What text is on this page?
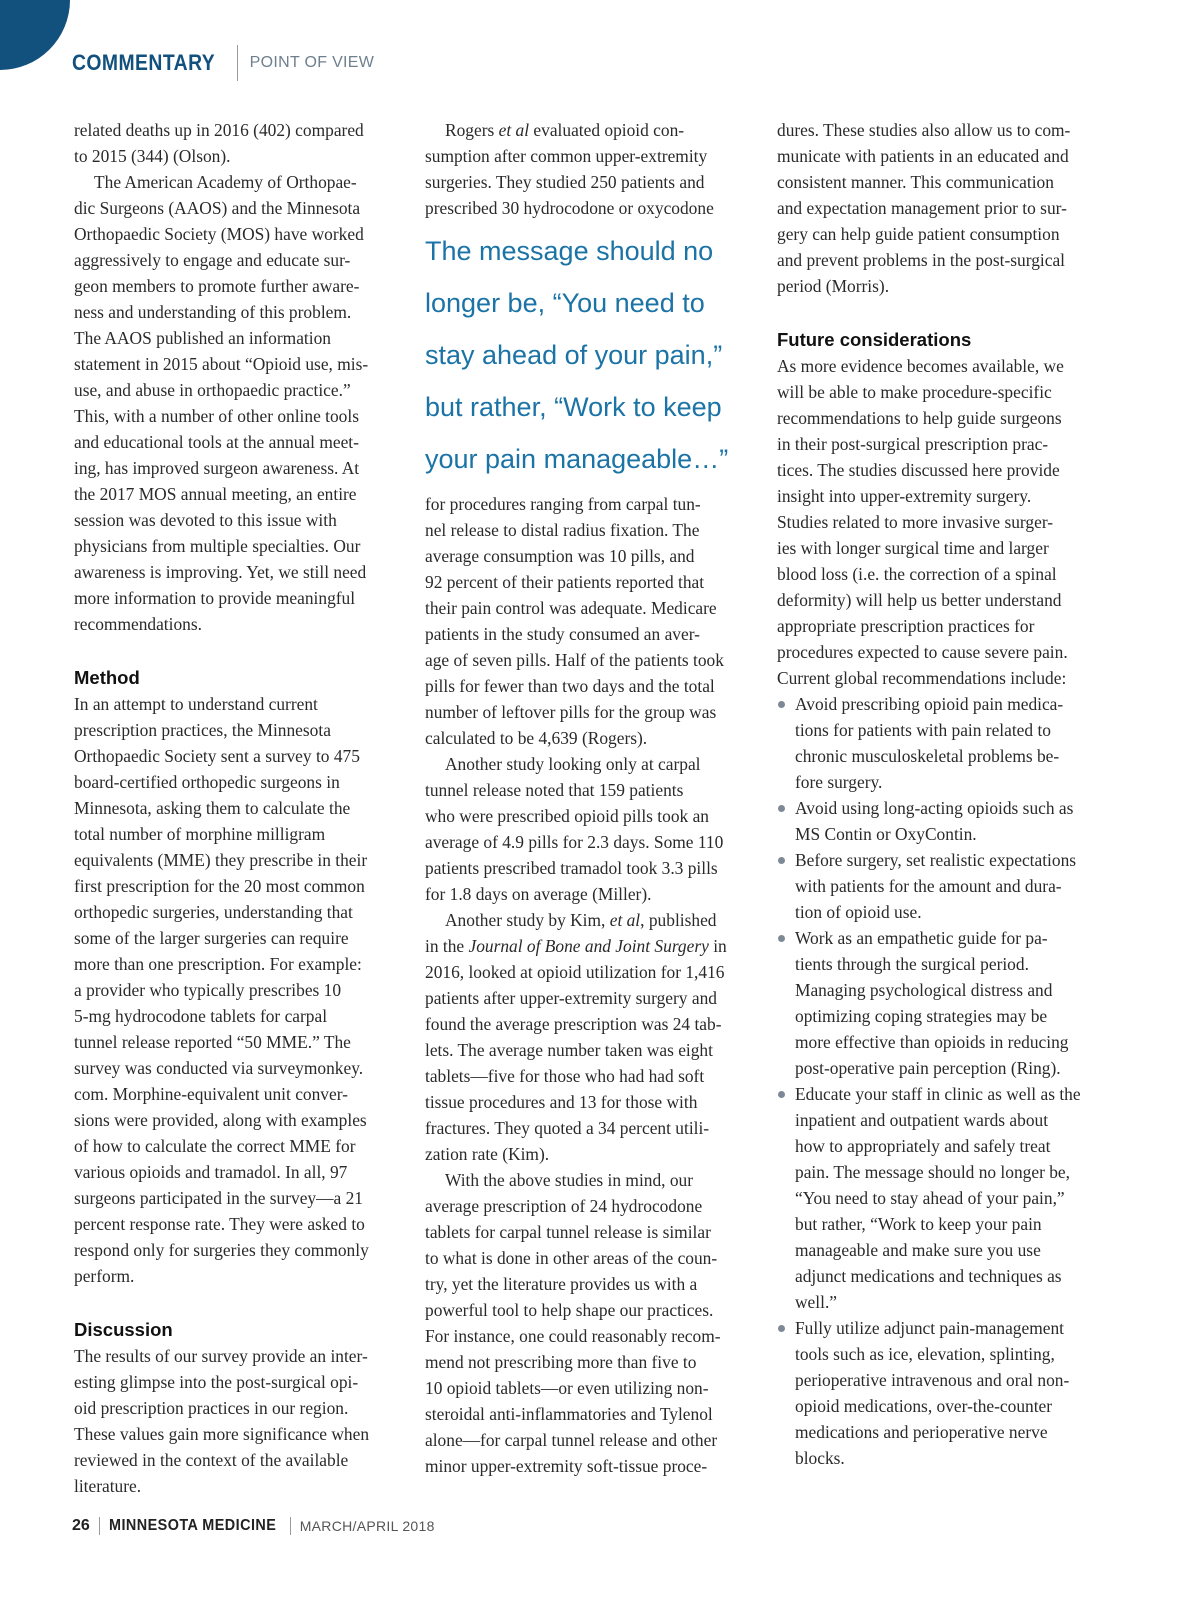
COMMENTARY POINT OF VIEW
related deaths up in 2016 (402) compared
to 2015 (344) (Olson).
The American Academy of Orthopae-
dic Surgeons (AAOS) and the Minnesota
Orthopaedic Society (MOS) have worked
aggressively to engage and educate sur-
geon members to promote further aware-
ness and understanding of this problem.
The AAOS published an information
statement in 2015 about “Opioid use, mis-
use, and abuse in orthopaedic practice.”
This, with a number of other online tools
and educational tools at the annual meet-
ing, has improved surgeon awareness. At
the 2017 MOS annual meeting, an entire
session was devoted to this issue with
physicians from multiple specialties. Our
awareness is improving. Yet, we still need
more information to provide meaningful
recommendations.
Method
In an attempt to understand current
prescription practices, the Minnesota
Orthopaedic Society sent a survey to 475
board-certified orthopedic surgeons in
Minnesota, asking them to calculate the
total number of morphine milligram
equivalents (MME) they prescribe in their
first prescription for the 20 most common
orthopedic surgeries, understanding that
some of the larger surgeries can require
more than one prescription. For example:
a provider who typically prescribes 10
5-mg hydrocodone tablets for carpal
tunnel release reported “50 MME.” The
survey was conducted via surveymonkey.
com. Morphine-equivalent unit conver-
sions were provided, along with examples
of how to calculate the correct MME for
various opioids and tramadol. In all, 97
surgeons participated in the survey—a 21
percent response rate. They were asked to
respond only for surgeries they commonly
perform.
Discussion
The results of our survey provide an inter-
esting glimpse into the post-surgical opi-
oid prescription practices in our region.
These values gain more significance when
reviewed in the context of the available
literature.
Rogers et al evaluated opioid con-
sumption after common upper-extremity
surgeries. They studied 250 patients and
prescribed 30 hydrocodone or oxycodone
The message should no
longer be, “You need to
stay ahead of your pain,”
but rather, “Work to keep
your pain manageable…”
for procedures ranging from carpal tun-
nel release to distal radius fixation. The
average consumption was 10 pills, and
92 percent of their patients reported that
their pain control was adequate. Medicare
patients in the study consumed an aver-
age of seven pills. Half of the patients took
pills for fewer than two days and the total
number of leftover pills for the group was
calculated to be 4,639 (Rogers).
Another study looking only at carpal
tunnel release noted that 159 patients
who were prescribed opioid pills took an
average of 4.9 pills for 2.3 days. Some 110
patients prescribed tramadol took 3.3 pills
for 1.8 days on average (Miller).
Another study by Kim, et al, published
in the Journal of Bone and Joint Surgery in
2016, looked at opioid utilization for 1,416
patients after upper-extremity surgery and
found the average prescription was 24 tab-
lets. The average number taken was eight
tablets—five for those who had had soft
tissue procedures and 13 for those with
fractures. They quoted a 34 percent utili-
zation rate (Kim).
With the above studies in mind, our
average prescription of 24 hydrocodone
tablets for carpal tunnel release is similar
to what is done in other areas of the coun-
try, yet the literature provides us with a
powerful tool to help shape our practices.
For instance, one could reasonably recom-
mend not prescribing more than five to
10 opioid tablets—or even utilizing non-
steroidal anti-inflammatories and Tylenol
alone—for carpal tunnel release and other
minor upper-extremity soft-tissue proce-
dures. These studies also allow us to com-
municate with patients in an educated and
consistent manner. This communication
and expectation management prior to sur-
gery can help guide patient consumption
and prevent problems in the post-surgical
period (Morris).
Future considerations
As more evidence becomes available, we
will be able to make procedure-specific
recommendations to help guide surgeons
in their post-surgical prescription prac-
tices. The studies discussed here provide
insight into upper-extremity surgery.
Studies related to more invasive surger-
ies with longer surgical time and larger
blood loss (i.e. the correction of a spinal
deformity) will help us better understand
appropriate prescription practices for
procedures expected to cause severe pain.
Current global recommendations include:
Avoid prescribing opioid pain medica-
tions for patients with pain related to
chronic musculoskeletal problems be-
fore surgery.
Avoid using long-acting opioids such as
MS Contin or OxyContin.
Before surgery, set realistic expectations
with patients for the amount and dura-
tion of opioid use.
Work as an empathetic guide for pa-
tients through the surgical period.
Managing psychological distress and
optimizing coping strategies may be
more effective than opioids in reducing
post-operative pain perception (Ring).
Educate your staff in clinic as well as the
inpatient and outpatient wards about
how to appropriately and safely treat
pain. The message should no longer be,
“You need to stay ahead of your pain,”
but rather, “Work to keep your pain
manageable and make sure you use
adjunct medications and techniques as
well.”
Fully utilize adjunct pain-management
tools such as ice, elevation, splinting,
perioperative intravenous and oral non-
opioid medications, over-the-counter
medications and perioperative nerve
blocks.
26 MINNESOTA MEDICINE MARCH/APRIL 2018
